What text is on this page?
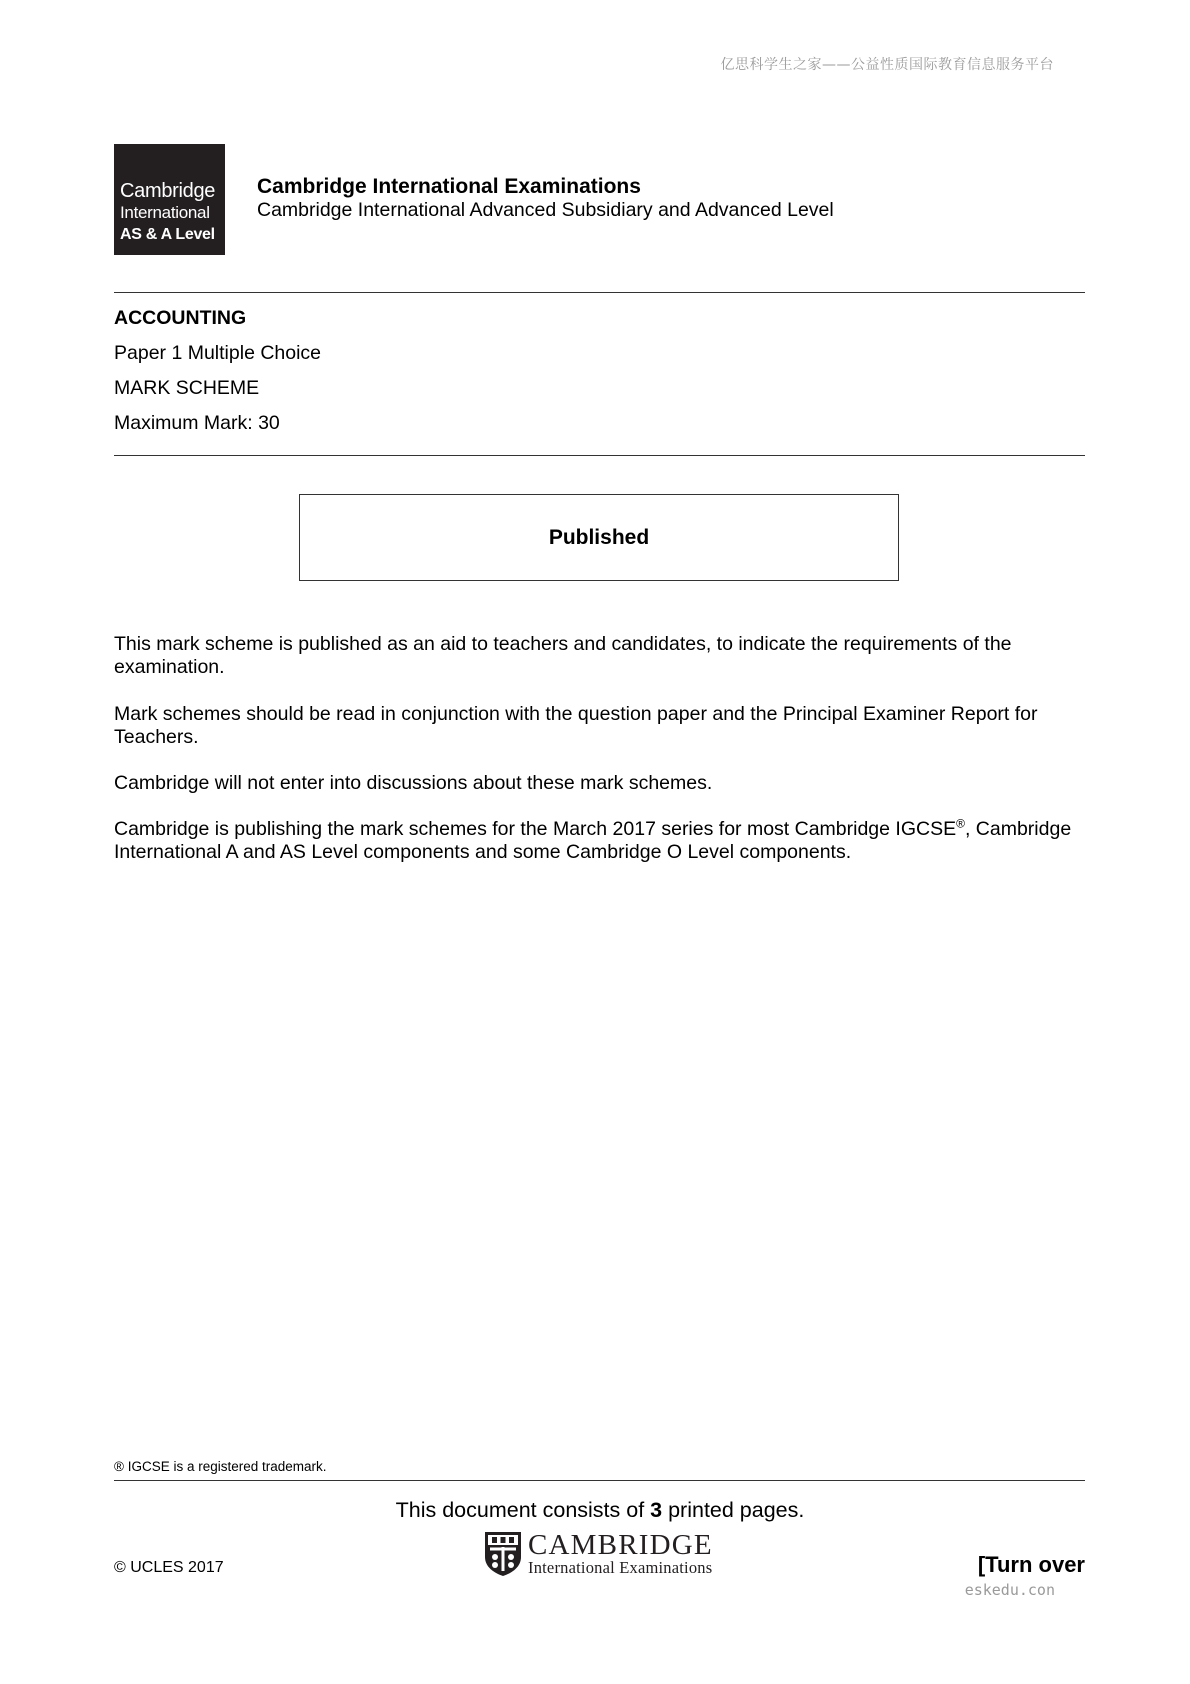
亿思科学生之家——公益性质国际教育信息服务平台
Cambridge
International
AS & A Level
Cambridge International Examinations
Cambridge International Advanced Subsidiary and Advanced Level
ACCOUNTING
Paper 1 Multiple Choice
MARK SCHEME
Maximum Mark: 30
Published
This mark scheme is published as an aid to teachers and candidates, to indicate the requirements of the examination.
Mark schemes should be read in conjunction with the question paper and the Principal Examiner Report for Teachers.
Cambridge will not enter into discussions about these mark schemes.
Cambridge is publishing the mark schemes for the March 2017 series for most Cambridge IGCSE®, Cambridge International A and AS Level components and some Cambridge O Level components.
® IGCSE is a registered trademark.
This document consists of 3 printed pages.
© UCLES 2017
CAMBRIDGE
International Examinations	[Turn over
eskedu.con
